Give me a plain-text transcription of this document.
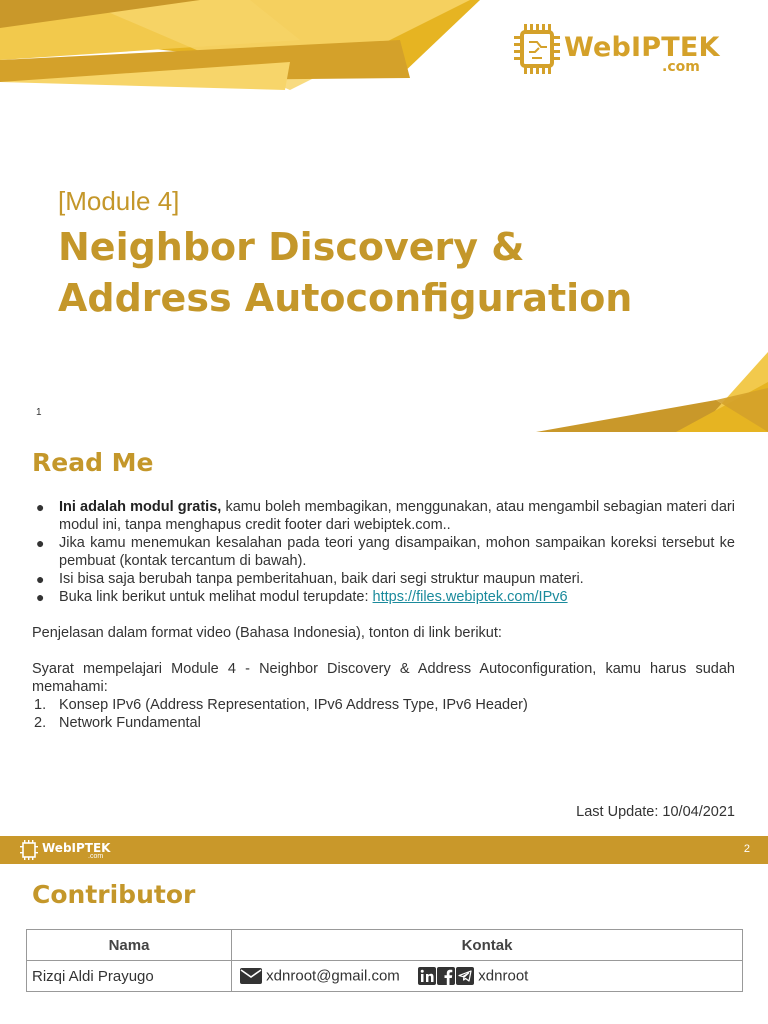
WebIPTEK
.com
[Module 4]
Neighbor Discovery &
Address Autoconfiguration
1
Read Me
● Ini adalah modul gratis, kamu boleh membagikan, menggunakan, atau mengambil sebagian materi dari modul ini, tanpa menghapus credit footer dari webiptek.com..
● Jika kamu menemukan kesalahan pada teori yang disampaikan, mohon sampaikan koreksi tersebut ke pembuat (kontak tercantum di bawah).
● Isi bisa saja berubah tanpa pemberitahuan, baik dari segi struktur maupun materi.
● Buka link berikut untuk melihat modul terupdate: https://files.webiptek.com/IPv6
Penjelasan dalam format video (Bahasa Indonesia), tonton di link berikut:
Syarat mempelajari Module 4 - Neighbor Discovery & Address Autoconfiguration, kamu harus sudah memahami:
1. Konsep IPv6 (Address Representation, IPv6 Address Type, IPv6 Header)
2. Network Fundamental
Last Update: 10/04/2021
WebIPTEK
.com
2
Contributor
Nama	Kontak
Rizqi Aldi Prayugo	xdnroot@gmail.com xdnroot
